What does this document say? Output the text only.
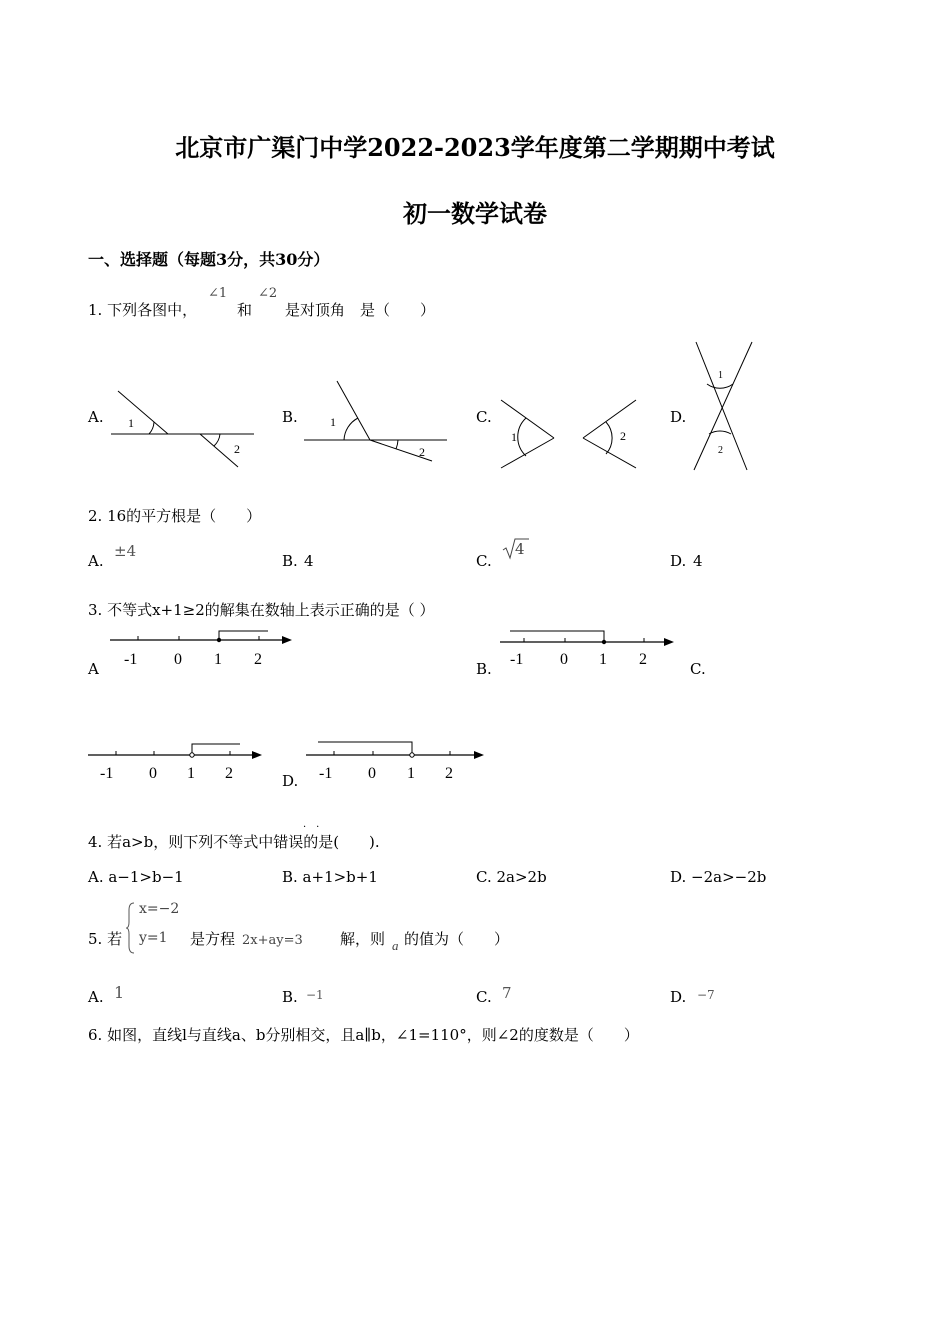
北京市广渠门中学2022-2023学年度第二学期期中考试
初一数学试卷
一、选择题（每题3分，共30分）
1. 下列各图中，
∠1
和
∠2
是对顶角　是（　　）
A.	B.	C.	D.
1
2
1
2
1	2
1
2
2. 16的平方根是（　　）
A.
±4
B. 4	C.
4
D. 4
3. 不等式x+1≥2的解集在数轴上表示正确的是（ ）
A
-1 0 1 2
B.
-1 0 1 2
C.
-1 0 1 2	D. -1 0 1 2
·　·
4. 若a>b，则下列不等式中错误的是(　　).
A. a−1>b−1	B. a+1>b+1	C. 2a>2b	D. −2a>−2b
5. 若
x=−2
y=1 是方程 2x+ay=3 解，则 a 的值为（　　）
A. 1	B. −1	C. 7	D. −7
6. 如图，直线l与直线a、b分别相交，且a∥b，∠1=110°，则∠2的度数是（　　）
